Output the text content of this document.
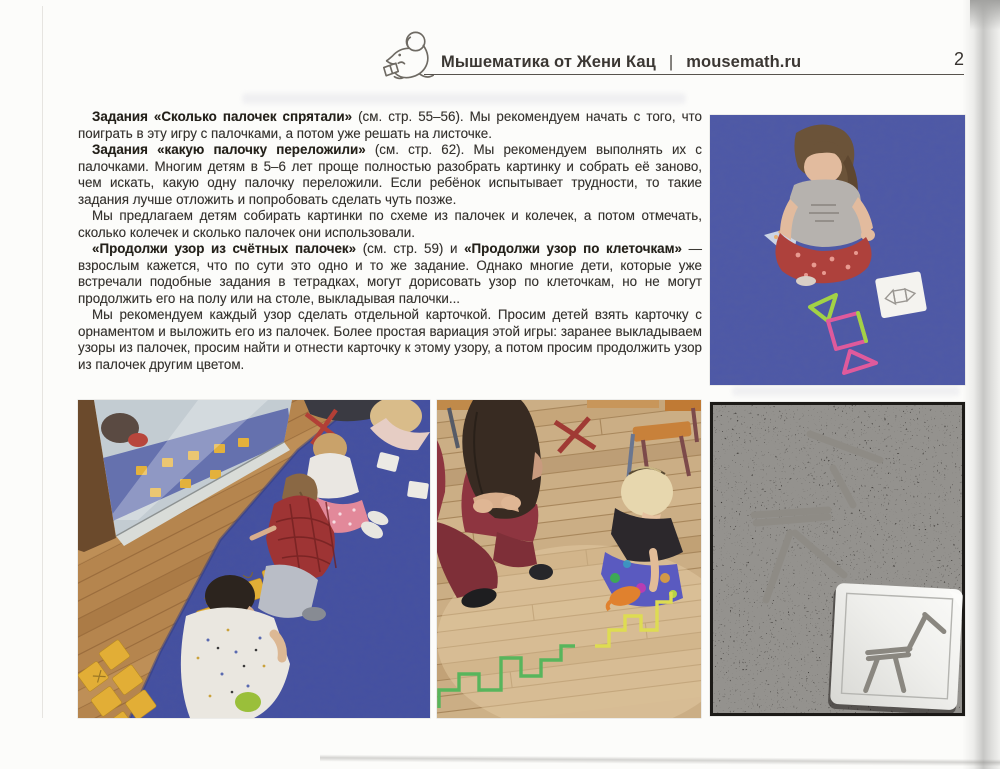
Мышематика от Жени Кац | mousemath.ru	2

Задания «Сколько палочек спрятали» (см. стр. 55–56). Мы рекомендуем начать с того, что поиграть в эту игру с палочками, а потом уже решать на листочке.

Задания «какую палочку переложили» (см. стр. 62). Мы рекомендуем выполнять их с палочками. Многим детям в 5–6 лет проще полностью разобрать картинку и собрать её заново, чем искать, какую одну палочку переложили. Если ребёнок испытывает трудности, то такие задания лучше отложить и попробовать сделать чуть позже.

Мы предлагаем детям собирать картинки по схеме из палочек и колечек, а потом отмечать, сколько колечек и сколько палочек они использовали.

«Продолжи узор из счётных палочек» (см. стр. 59) и «Продолжи узор по клеточкам» — взрослым кажется, что по сути это одно и то же задание. Однако многие дети, которые уже встречали подобные задания в тетрадках, могут дорисовать узор по клеточкам, но не могут продолжить его на полу или на столе, выкладывая палочки...

Мы рекомендуем каждый узор сделать отдельной карточкой. Просим детей взять карточку с орнаментом и выложить его из палочек. Более простая вариация этой игры: заранее выкладываем узоры из палочек, просим найти и отнести карточку к этому узору, а потом просим продолжить узор из палочек другим цветом.
